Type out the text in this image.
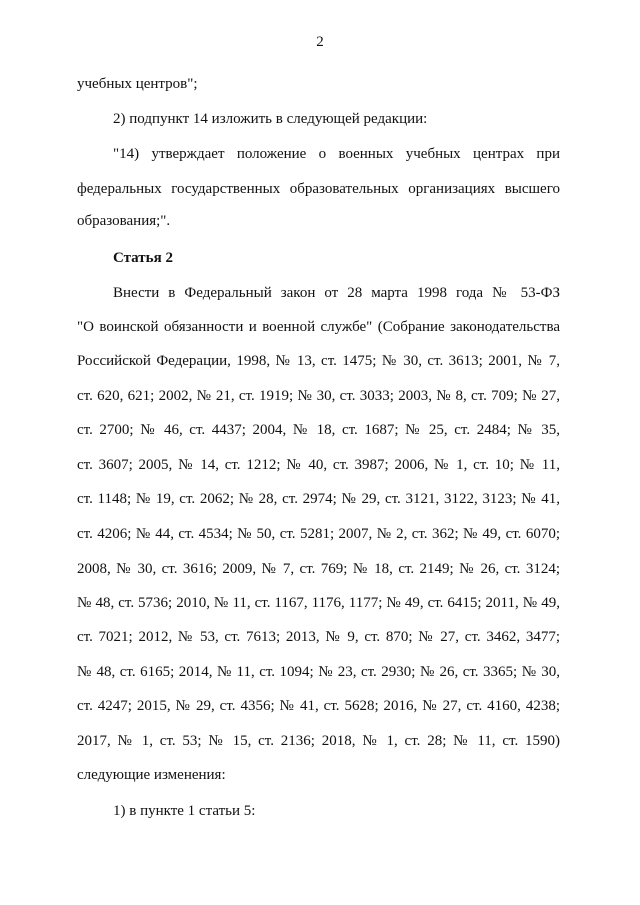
2
учебных центров";
2) подпункт 14 изложить в следующей редакции:
"14) утверждает положение о военных учебных центрах при
федеральных государственных образовательных организациях высшего
образования;".
Статья 2
Внести в Федеральный закон от 28 марта 1998 года № 53-ФЗ
"О воинской обязанности и военной службе" (Собрание законодательства
Российской Федерации, 1998, № 13, ст. 1475; № 30, ст. 3613; 2001, № 7,
ст. 620, 621; 2002, № 21, ст. 1919; № 30, ст. 3033; 2003, № 8, ст. 709; № 27,
ст. 2700; № 46, ст. 4437; 2004, № 18, ст. 1687; № 25, ст. 2484; № 35,
ст. 3607; 2005, № 14, ст. 1212; № 40, ст. 3987; 2006, № 1, ст. 10; № 11,
ст. 1148; № 19, ст. 2062; № 28, ст. 2974; № 29, ст. 3121, 3122, 3123; № 41,
ст. 4206; № 44, ст. 4534; № 50, ст. 5281; 2007, № 2, ст. 362; № 49, ст. 6070;
2008, № 30, ст. 3616; 2009, № 7, ст. 769; № 18, ст. 2149; № 26, ст. 3124;
№ 48, ст. 5736; 2010, № 11, ст. 1167, 1176, 1177; № 49, ст. 6415; 2011, № 49,
ст. 7021; 2012, № 53, ст. 7613; 2013, № 9, ст. 870; № 27, ст. 3462, 3477;
№ 48, ст. 6165; 2014, № 11, ст. 1094; № 23, ст. 2930; № 26, ст. 3365; № 30,
ст. 4247; 2015, № 29, ст. 4356; № 41, ст. 5628; 2016, № 27, ст. 4160, 4238;
2017, № 1, ст. 53; № 15, ст. 2136; 2018, № 1, ст. 28; № 11, ст. 1590)
следующие изменения:
1) в пункте 1 статьи 5:
